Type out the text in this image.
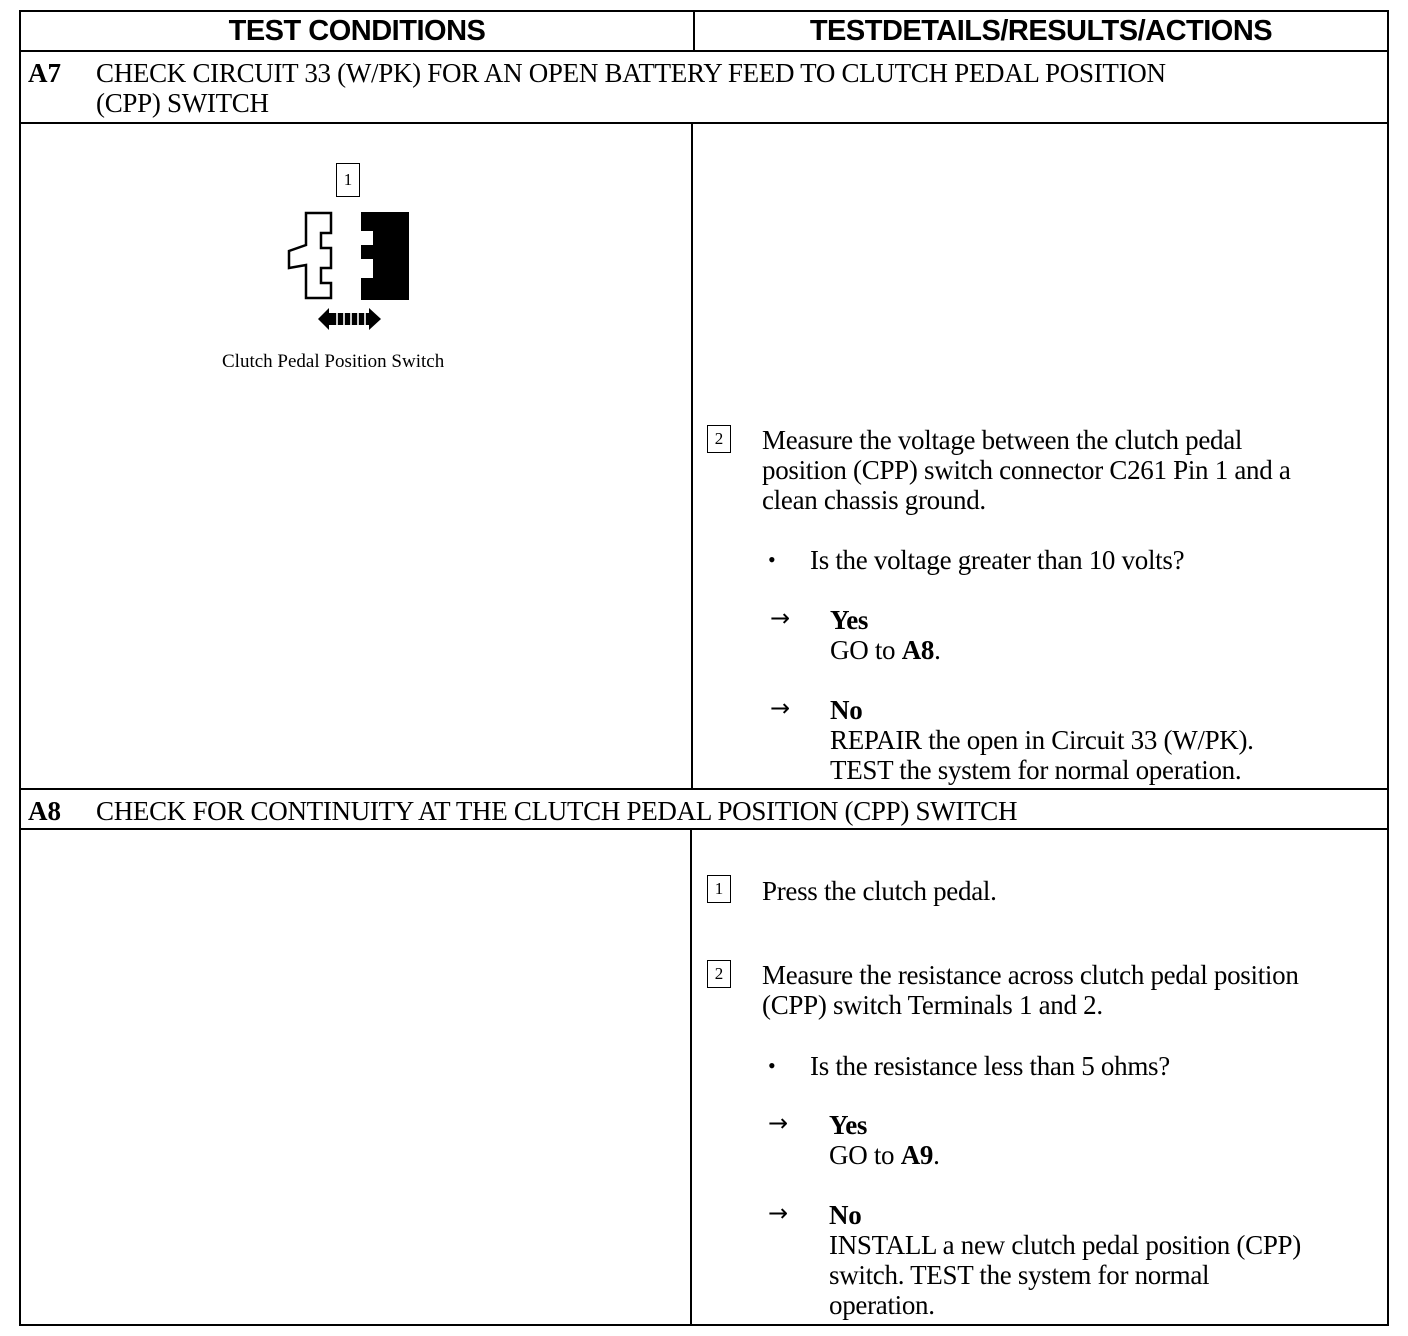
TEST CONDITIONS	TESTDETAILS/RESULTS/ACTIONS
A7 CHECK CIRCUIT 33 (W/PK) FOR AN OPEN BATTERY FEED TO CLUTCH PEDAL POSITION
(CPP) SWITCH
1
Clutch Pedal Position Switch
2 Measure the voltage between the clutch pedal
position (CPP) switch connector C261 Pin 1 and a
clean chassis ground.
• Is the voltage greater than 10 volts?
→ Yes
GO to A8.
→ No
REPAIR the open in Circuit 33 (W/PK).
TEST the system for normal operation.
A8 CHECK FOR CONTINUITY AT THE CLUTCH PEDAL POSITION (CPP) SWITCH
1 Press the clutch pedal.
2 Measure the resistance across clutch pedal position
(CPP) switch Terminals 1 and 2.
• Is the resistance less than 5 ohms?
→ Yes
GO to A9.
→ No
INSTALL a new clutch pedal position (CPP)
switch. TEST the system for normal
operation.
